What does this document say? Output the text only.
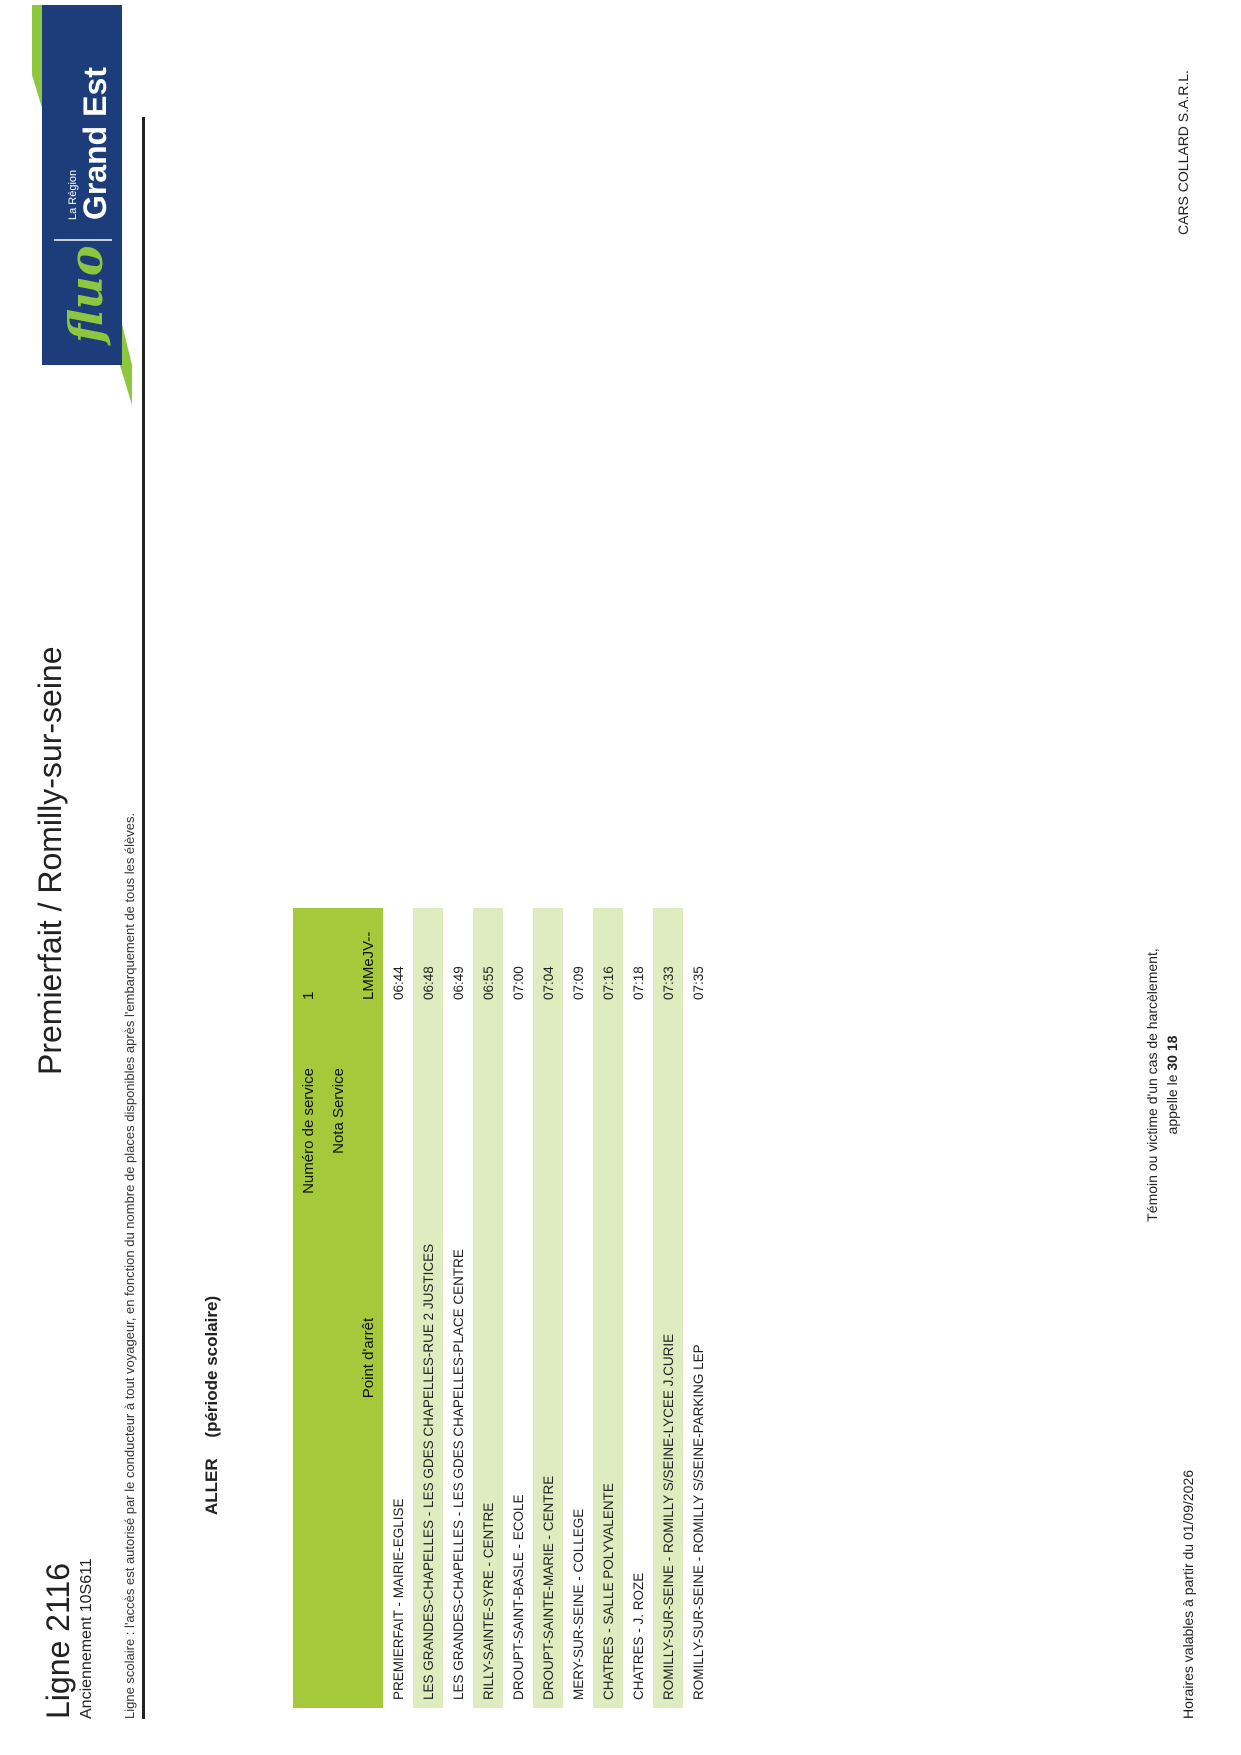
Ligne 2116 Anciennement 10S611
Premierfait / Romilly-sur-seine	Ligne scolaire : l'accès est autorisé par le conducteur à tout voyageur, en fonction du nombre de places disponibles après l'embarquement de tous les élèves.
fluo
La Région
Grand Est
ALLER (période scolaire)
Numéro de service	1
Nota Service	
Point d'arrêt	LMMeJV--
PREMIERFAIT - MAIRIE-EGLISE	06:44
LES GRANDES-CHAPELLES - LES GDES CHAPELLES-RUE 2 JUSTICES	06:48
LES GRANDES-CHAPELLES - LES GDES CHAPELLES-PLACE CENTRE	06:49
RILLY-SAINTE-SYRE - CENTRE	06:55
DROUPT-SAINT-BASLE - ECOLE	07:00
DROUPT-SAINTE-MARIE - CENTRE	07:04
MERY-SUR-SEINE - COLLEGE	07:09
CHATRES - SALLE POLYVALENTE	07:16
CHATRES - J. ROZE	07:18
ROMILLY-SUR-SEINE - ROMILLY S/SEINE-LYCEE J.CURIE	07:33
ROMILLY-SUR-SEINE - ROMILLY S/SEINE-PARKING LEP	07:35
Horaires valables à partir du 01/09/2026
Témoin ou victime d'un cas de harcèlement, appelle le 30 18
CARS COLLARD S.A.R.L.
